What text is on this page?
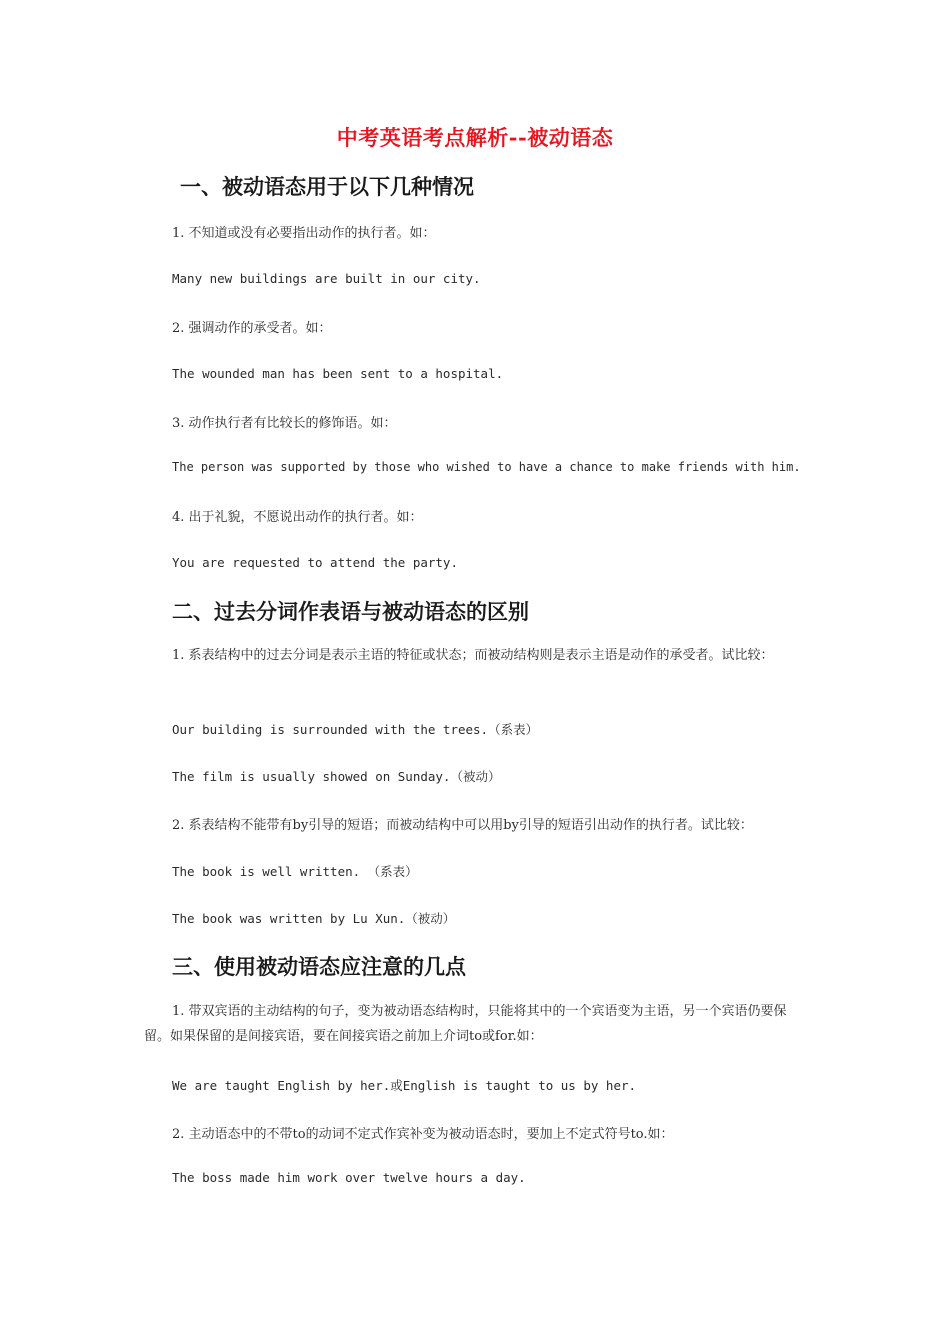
中考英语考点解析--被动语态
一、被动语态用于以下几种情况
1. 不知道或没有必要指出动作的执行者。如：
Many new buildings are built in our city.
2. 强调动作的承受者。如：
The wounded man has been sent to a hospital.
3. 动作执行者有比较长的修饰语。如：
The person was supported by those who wished to have a chance to make friends with him.
4. 出于礼貌，不愿说出动作的执行者。如：
You are requested to attend the party.
二、过去分词作表语与被动语态的区别
1. 系表结构中的过去分词是表示主语的特征或状态；而被动结构则是表示主语是动作的承受者。试比较：
Our building is surrounded with the trees.（系表）
The film is usually showed on Sunday.（被动）
2. 系表结构不能带有by引导的短语；而被动结构中可以用by引导的短语引出动作的执行者。试比较：
The book is well written. （系表）
The book was written by Lu Xun.（被动）
三、使用被动语态应注意的几点
1. 带双宾语的主动结构的句子，变为被动语态结构时，只能将其中的一个宾语变为主语，另一个宾语仍要保留。如果保留的是间接宾语，要在间接宾语之前加上介词to或for.如：
We are taught English by her.或English is taught to us by her.
2. 主动语态中的不带to的动词不定式作宾补变为被动语态时，要加上不定式符号to.如：
The boss made him work over twelve hours a day.
